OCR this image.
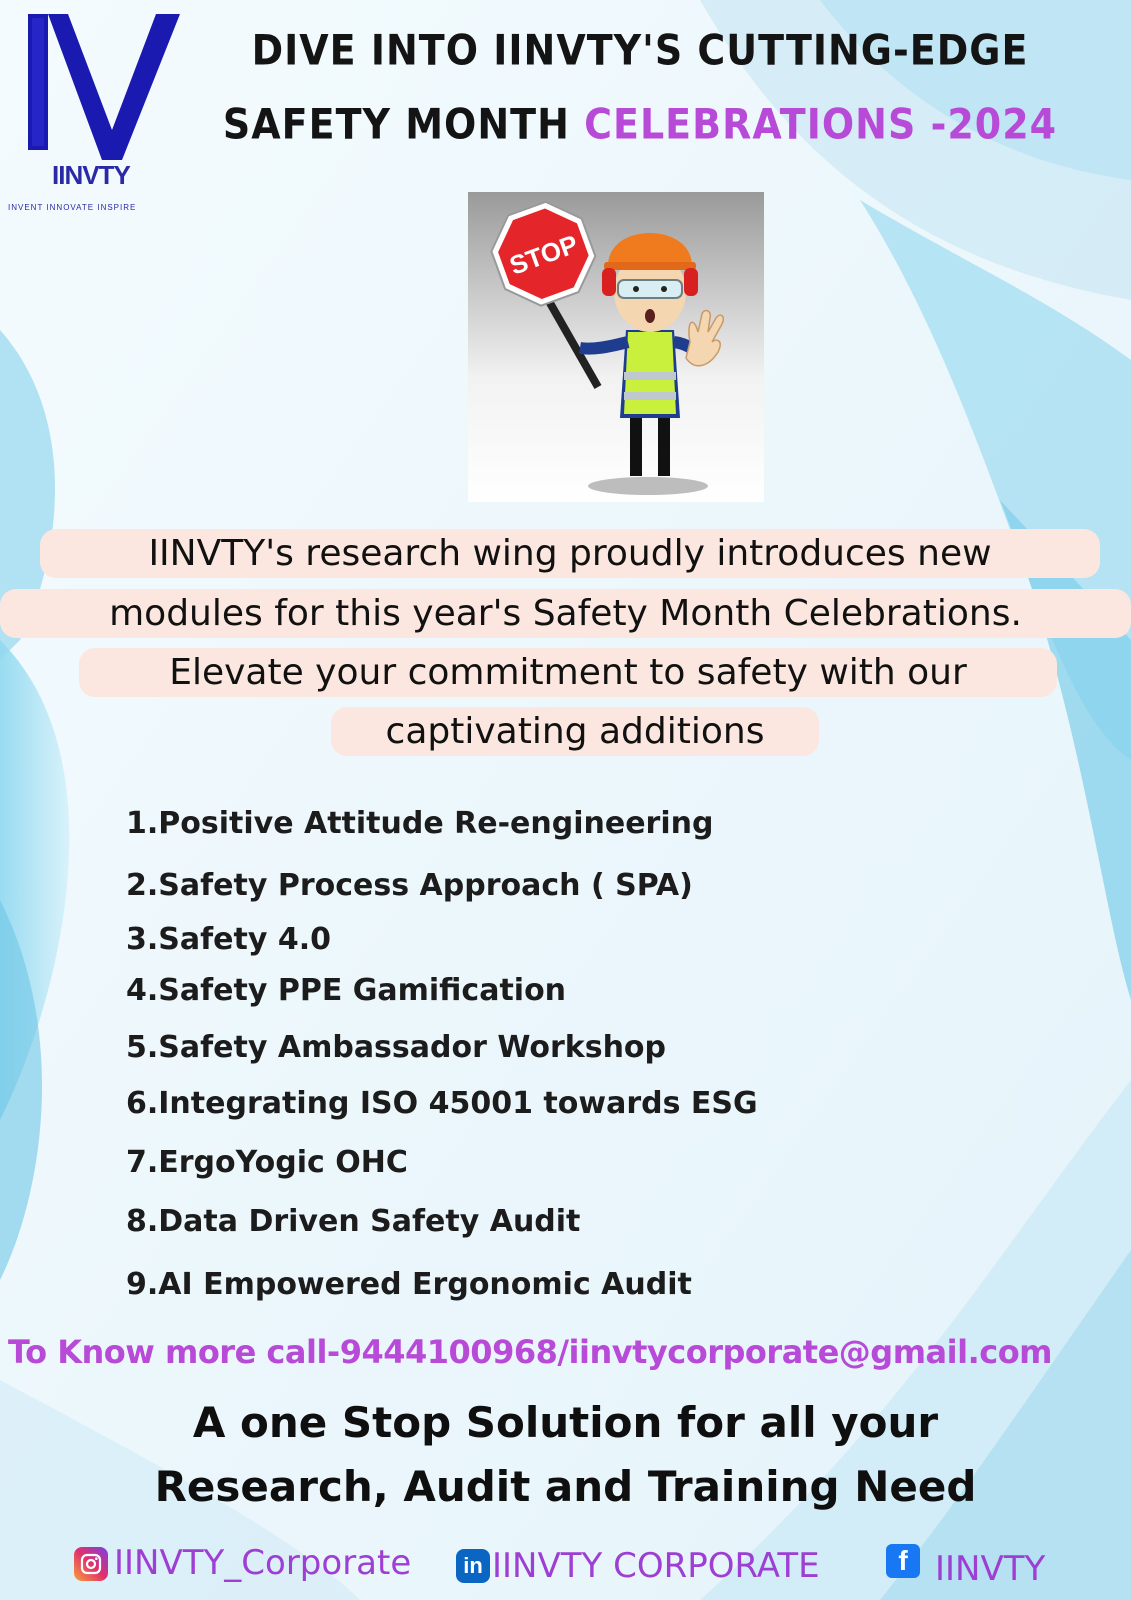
IINVTY
INVENT INNOVATE INSPIRE
DIVE INTO IINVTY'S CUTTING-EDGE
SAFETY MONTH CELEBRATIONS -2024
STOP
IINVTY's research wing proudly introduces new
modules for this year's Safety Month Celebrations.
Elevate your commitment to safety with our
captivating additions
1.Positive Attitude Re-engineering
2.Safety Process Approach ( SPA)
3.Safety 4.0
4.Safety PPE Gamification
5.Safety Ambassador Workshop
6.Integrating ISO 45001 towards ESG
7.ErgoYogic OHC
8.Data Driven Safety Audit
9.AI Empowered Ergonomic Audit
To Know more call-9444100968/iinvtycorporate@gmail.com
A one Stop Solution for all your
Research, Audit and Training Need
IINVTY_Corporate in IINVTY CORPORATE	f IINVTY
